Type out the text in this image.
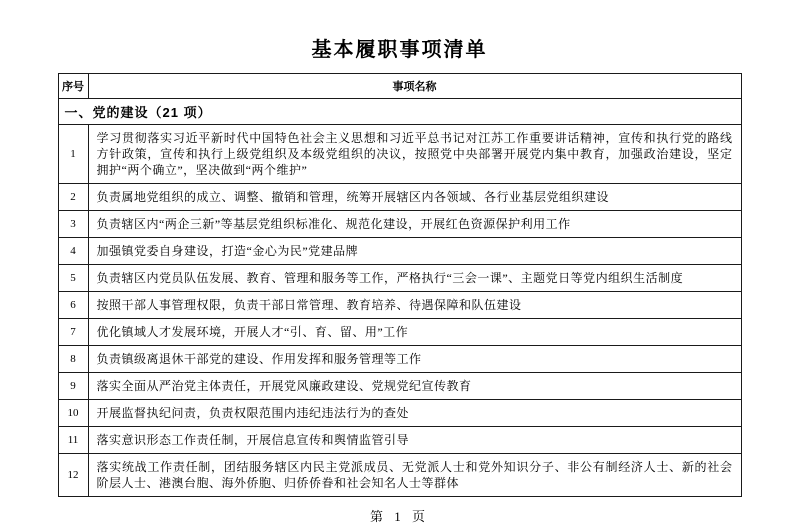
基本履职事项清单
序号	事项名称
一、党的建设（21 项）	
1	学习贯彻落实习近平新时代中国特色社会主义思想和习近平总书记对江苏工作重要讲话精神，宣传和执行党的路线方针政策，宣传和执行上级党组织及本级党组织的决议，按照党中央部署开展党内集中教育，加强政治建设，坚定拥护“两个确立”，坚决做到“两个维护”
2	负责属地党组织的成立、调整、撤销和管理，统筹开展辖区内各领域、各行业基层党组织建设
3	负责辖区内“两企三新”等基层党组织标准化、规范化建设，开展红色资源保护利用工作
4	加强镇党委自身建设，打造“金心为民”党建品牌
5	负责辖区内党员队伍发展、教育、管理和服务等工作，严格执行“三会一课”、主题党日等党内组织生活制度
6	按照干部人事管理权限，负责干部日常管理、教育培养、待遇保障和队伍建设
7	优化镇域人才发展环境，开展人才“引、育、留、用”工作
8	负责镇级离退休干部党的建设、作用发挥和服务管理等工作
9	落实全面从严治党主体责任，开展党风廉政建设、党规党纪宣传教育
10	开展监督执纪问责，负责权限范围内违纪违法行为的查处
11	落实意识形态工作责任制，开展信息宣传和舆情监管引导
12	落实统战工作责任制，团结服务辖区内民主党派成员、无党派人士和党外知识分子、非公有制经济人士、新的社会阶层人士、港澳台胞、海外侨胞、归侨侨眷和社会知名人士等群体
第 1 页
